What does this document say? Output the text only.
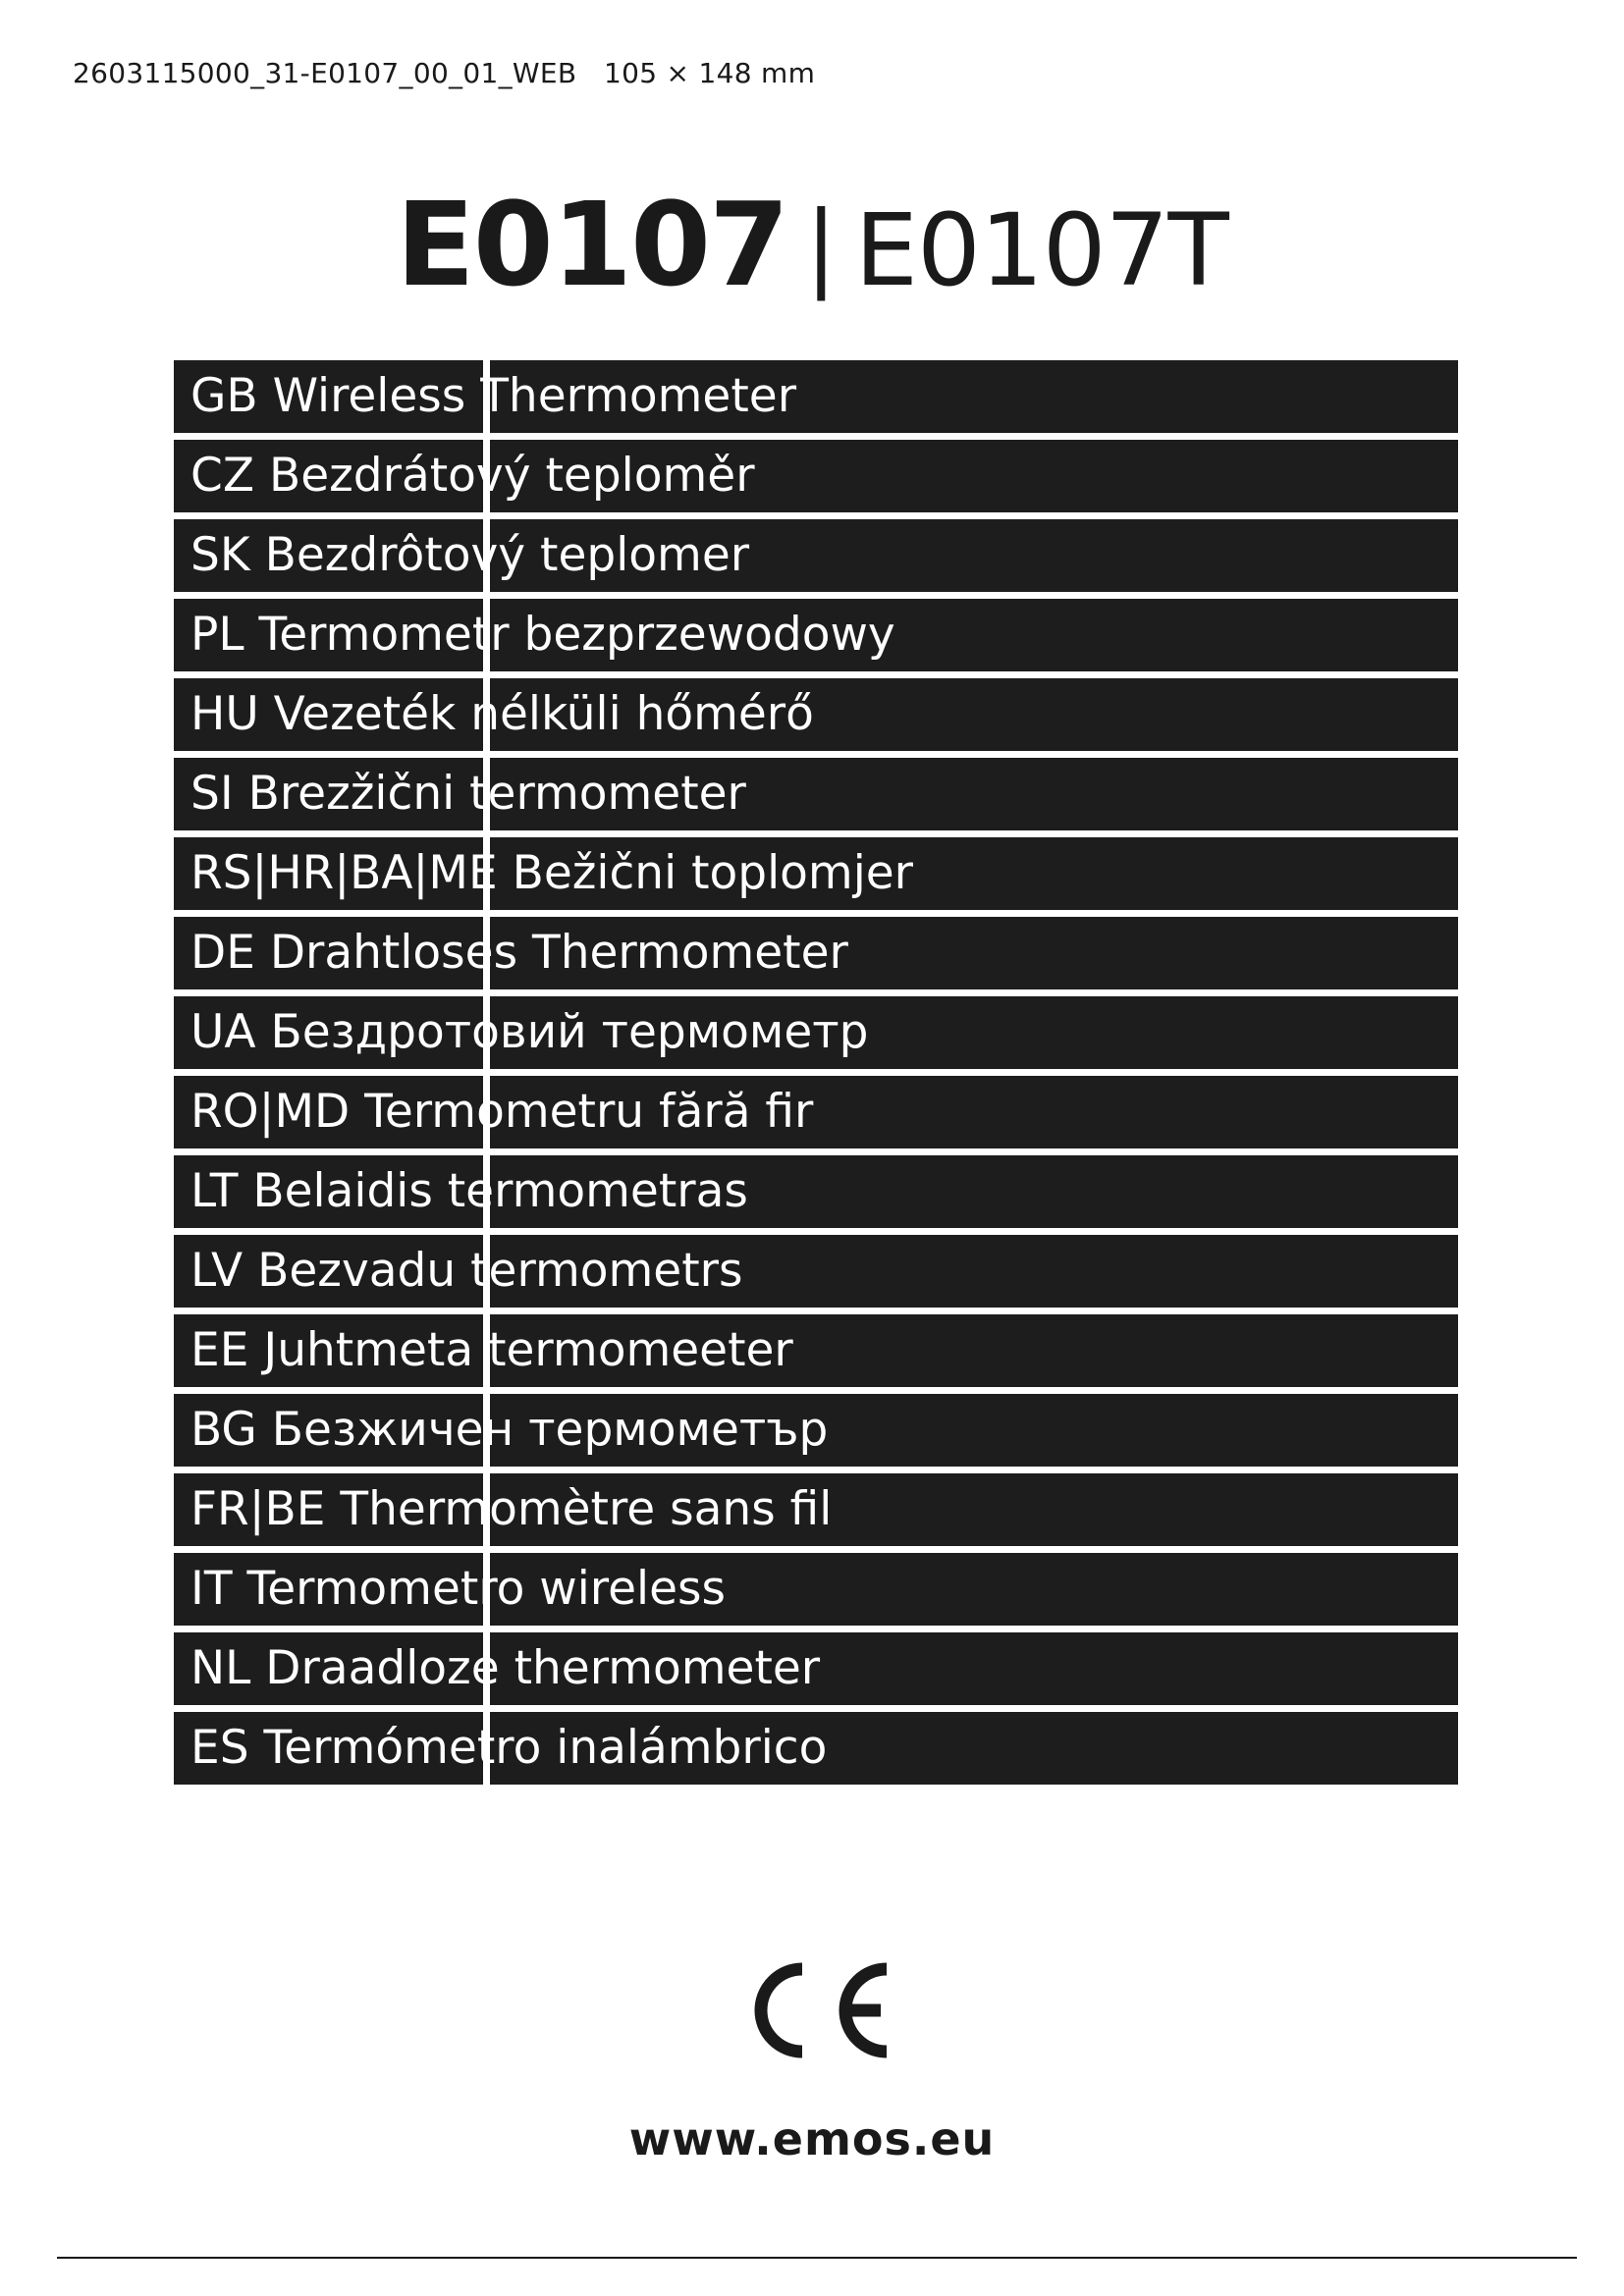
2603115000_31-E0107_00_01_WEB   105 × 148 mm
E0107 | E0107T
GB Wireless Thermometer
CZ Bezdrátový teploměr
SK Bezdrôtový teplomer
PL Termometr bezprzewodowy
HU Vezeték nélküli hőmérő
SI Brezžični termometer
RS|HR|BA|ME Bežični toplomjer
DE Drahtloses Thermometer
UA Бездротовий термометр
RO|MD Termometru fără fir
LT Belaidis termometras
LV Bezvadu termometrs
EE Juhtmeta termomeeter
BG Безжичен термометър
FR|BE Thermomètre sans fil
IT Termometro wireless
NL Draadloze thermometer
ES Termómetro inalámbrico
www.emos.eu
